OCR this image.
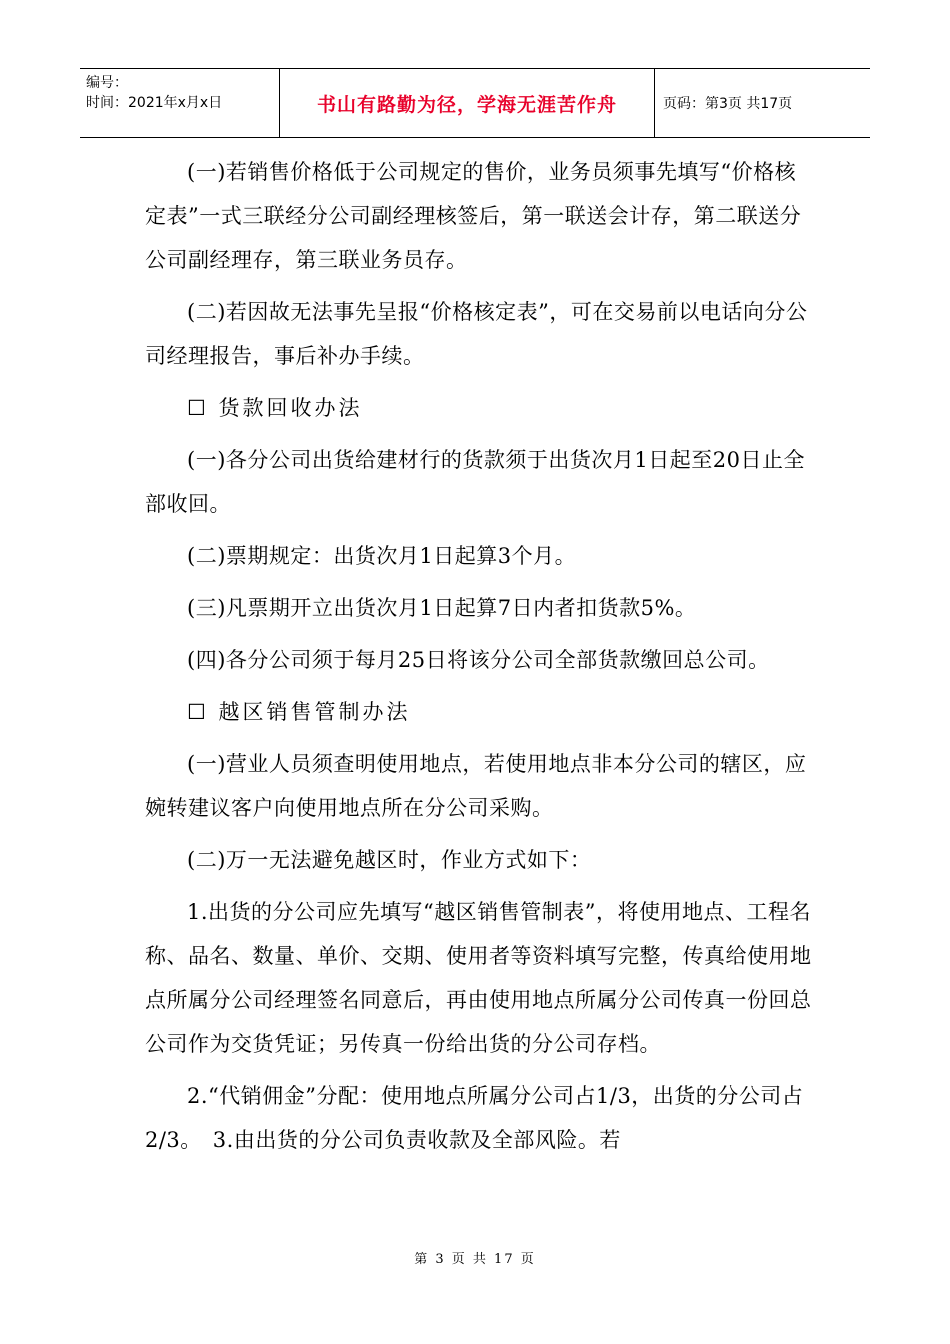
编号：
时间：2021年x月x日	书山有路勤为径，学海无涯苦作舟	页码：第3页 共17页

(一)若销售价格低于公司规定的售价，业务员须事先填写“价格核定表”一式三联经分公司副经理核签后，第一联送会计存，第二联送分公司副经理存，第三联业务员存。

(二)若因故无法事先呈报“价格核定表”，可在交易前以电话向分公司经理报告，事后补办手续。

☐ 货款回收办法

(一)各分公司出货给建材行的货款须于出货次月1日起至20日止全部收回。

(二)票期规定：出货次月1日起算3个月。

(三)凡票期开立出货次月1日起算7日内者扣货款5%。

(四)各分公司须于每月25日将该分公司全部货款缴回总公司。

☐ 越区销售管制办法

(一)营业人员须查明使用地点，若使用地点非本分公司的辖区，应婉转建议客户向使用地点所在分公司采购。

(二)万一无法避免越区时，作业方式如下：

1.出货的分公司应先填写“越区销售管制表”，将使用地点、工程名称、品名、数量、单价、交期、使用者等资料填写完整，传真给使用地点所属分公司经理签名同意后，再由使用地点所属分公司传真一份回总公司作为交货凭证；另传真一份给出货的分公司存档。

2.“代销佣金”分配：使用地点所属分公司占1/3，出货的分公司占2/3。　3.由出货的分公司负责收款及全部风险。若

第 3 页 共 17 页
